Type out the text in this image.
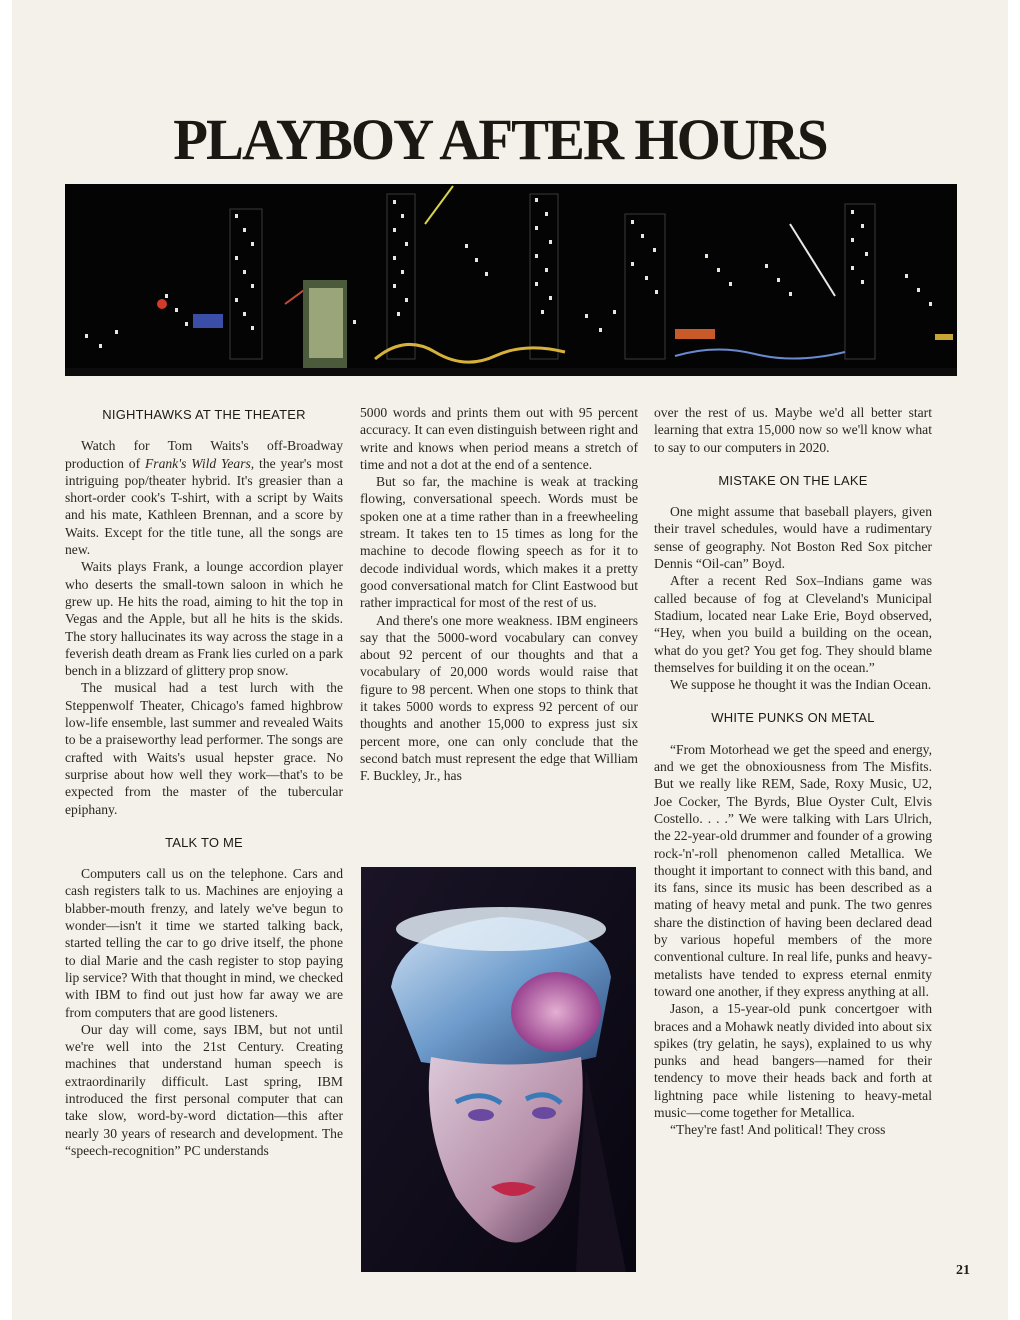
PLAYBOY AFTER HOURS
NIGHTHAWKS AT THE THEATER

Watch for Tom Waits's off-Broadway production of Frank's Wild Years, the year's most intriguing pop/theater hybrid. It's greasier than a short-order cook's T-shirt, with a script by Waits and his mate, Kathleen Brennan, and a score by Waits. Except for the title tune, all the songs are new.

Waits plays Frank, a lounge accordion player who deserts the small-town saloon in which he grew up. He hits the road, aiming to hit the top in Vegas and the Apple, but all he hits is the skids. The story hallucinates its way across the stage in a feverish death dream as Frank lies curled on a park bench in a blizzard of glittery prop snow.

The musical had a test lurch with the Steppenwolf Theater, Chicago's famed highbrow low-life ensemble, last summer and revealed Waits to be a praiseworthy lead performer. The songs are crafted with Waits's usual hepster grace. No surprise about how well they work—that's to be expected from the master of the tubercular epiphany.

TALK TO ME

Computers call us on the telephone. Cars and cash registers talk to us. Machines are enjoying a blabber-mouth frenzy, and lately we've begun to wonder—isn't it time we started talking back, started telling the car to go drive itself, the phone to dial Marie and the cash register to stop paying lip service? With that thought in mind, we checked with IBM to find out just how far away we are from computers that are good listeners.

Our day will come, says IBM, but not until we're well into the 21st Century. Creating machines that understand human speech is extraordinarily difficult. Last spring, IBM introduced the first personal computer that can take slow, word-by-word dictation—this after nearly 30 years of research and development. The “speech-recognition” PC understands

5000 words and prints them out with 95 percent accuracy. It can even distinguish between right and write and knows when period means a stretch of time and not a dot at the end of a sentence.

But so far, the machine is weak at tracking flowing, conversational speech. Words must be spoken one at a time rather than in a freewheeling stream. It takes ten to 15 times as long for the machine to decode flowing speech as for it to decode individual words, which makes it a pretty good conversational match for Clint Eastwood but rather impractical for most of the rest of us.

And there's one more weakness. IBM engineers say that the 5000-word vocabulary can convey about 92 percent of our thoughts and that a vocabulary of 20,000 words would raise that figure to 98 percent. When one stops to think that it takes 5000 words to express 92 percent of our thoughts and another 15,000 to express just six percent more, one can only conclude that the second batch must represent the edge that William F. Buckley, Jr., has

over the rest of us. Maybe we'd all better start learning that extra 15,000 now so we'll know what to say to our computers in 2020.

MISTAKE ON THE LAKE

One might assume that baseball players, given their travel schedules, would have a rudimentary sense of geography. Not Boston Red Sox pitcher Dennis “Oil-can” Boyd.

After a recent Red Sox–Indians game was called because of fog at Cleveland's Municipal Stadium, located near Lake Erie, Boyd observed, “Hey, when you build a building on the ocean, what do you get? You get fog. They should blame themselves for building it on the ocean.”

We suppose he thought it was the Indian Ocean.

WHITE PUNKS ON METAL

“From Motorhead we get the speed and energy, and we get the obnoxiousness from The Misfits. But we really like REM, Sade, Roxy Music, U2, Joe Cocker, The Byrds, Blue Oyster Cult, Elvis Costello. . . .” We were talking with Lars Ulrich, the 22-year-old drummer and founder of a growing rock-'n'-roll phenomenon called Metallica. We thought it important to connect with this band, and its fans, since its music has been described as a mating of heavy metal and punk. The two genres share the distinction of having been declared dead by various hopeful members of the more conventional culture. In real life, punks and heavy-metalists have tended to express eternal enmity toward one another, if they express anything at all.

Jason, a 15-year-old punk concertgoer with braces and a Mohawk neatly divided into about six spikes (try gelatin, he says), explained to us why punks and head bangers—named for their tendency to move their heads back and forth at lightning pace while listening to heavy-metal music—come together for Metallica.

“They're fast! And political! They cross

21
